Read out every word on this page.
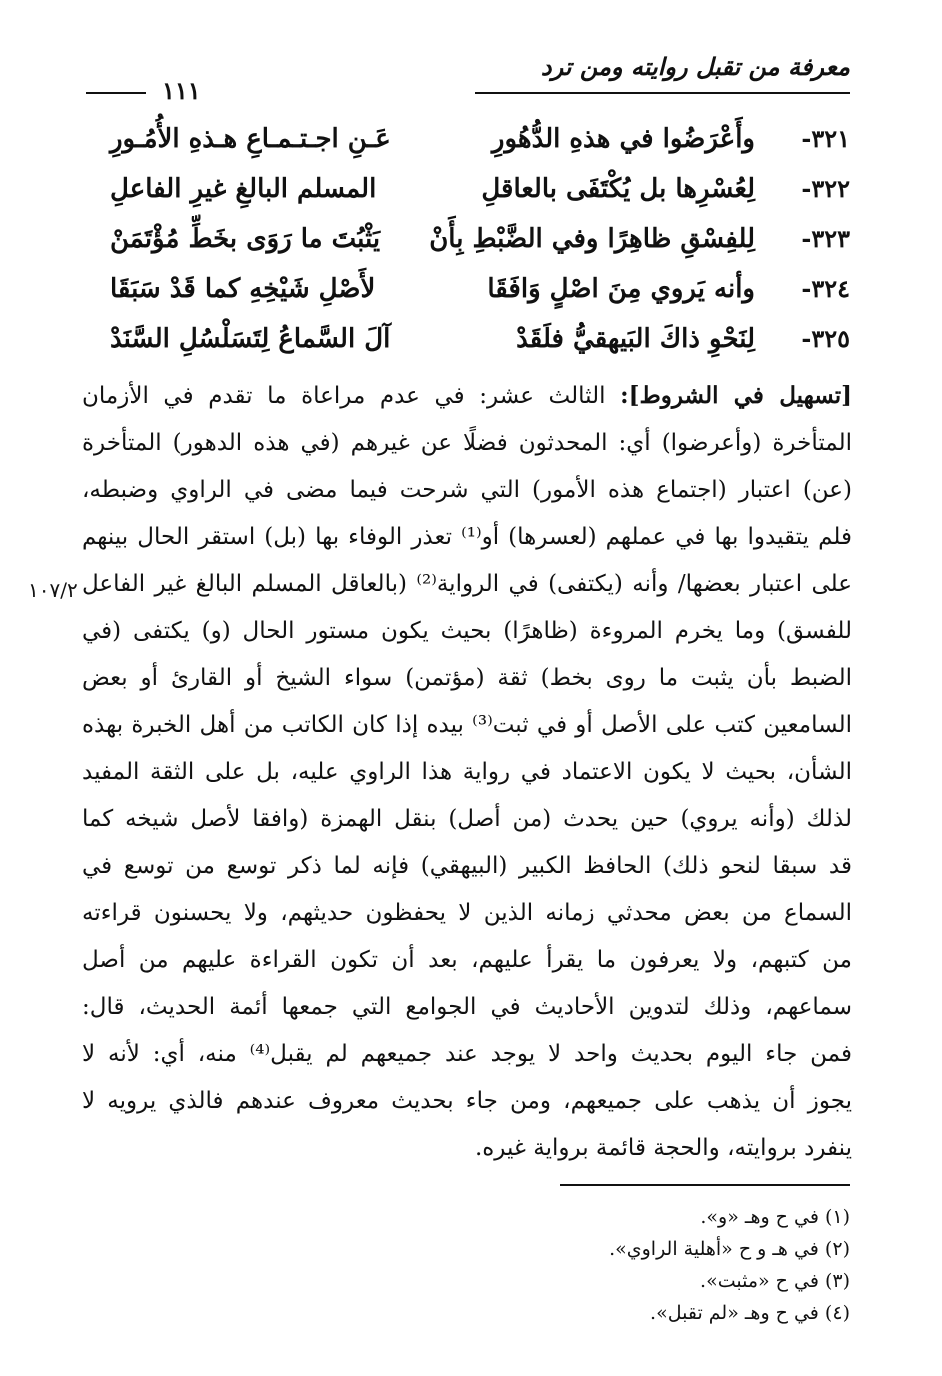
معرفة من تقبل روايته ومن ترد
١١١
٣٢١-
وأَعْرَضُوا في هذهِ الدُّهُورِ
عَـنِ اجـتـمـاعِ هـذهِ الأُمُـورِ
٣٢٢-
لِعُسْرِها بل يُكْتَفَى بالعاقلِ
المسلم البالغِ غيرِ الفاعلِ
٣٢٣-
لِلفِسْقِ ظاهِرًا وفي الضَّبْطِ بِأَنْ
يَثْبُتَ ما رَوَى بخَطِّ مُؤْتَمَنْ
٣٢٤-
وأنه يَروي مِنَ اصْلٍ وَافَقَا
لأَصْلِ شَيْخِهِ كما قَدْ سَبَقَا
٣٢٥-
لِنَحْوِ ذاكَ البَيهقيُّ فلَقَدْ
آلَ السَّماعُ لِتَسَلْسُلِ السَّنَدْ
[تسهيل في الشروط]: الثالث عشر: في عدم مراعاة ما تقدم في الأزمان
المتأخرة (وأعرضوا) أي: المحدثون فضلًا عن غيرهم (في هذه الدهور) المتأخرة
(عن) اعتبار (اجتماع هذه الأمور) التي شرحت فيما مضى في الراوي وضبطه،
فلم يتقيدوا بها في عملهم (لعسرها) أو⁽¹⁾ تعذر الوفاء بها (بل) استقر الحال بينهم
على اعتبار بعضها/ وأنه (يكتفى) في الرواية⁽²⁾ (بالعاقل المسلم البالغ غير الفاعل
للفسق) وما يخرم المروءة (ظاهرًا) بحيث يكون مستور الحال (و) يكتفى (في
الضبط بأن يثبت ما روى بخط) ثقة (مؤتمن) سواء الشيخ أو القارئ أو بعض
السامعين كتب على الأصل أو في ثبت⁽³⁾ بيده إذا كان الكاتب من أهل الخبرة بهذه
الشأن، بحيث لا يكون الاعتماد في رواية هذا الراوي عليه، بل على الثقة المفيد
لذلك (وأنه يروي) حين يحدث (من أصل) بنقل الهمزة (وافقا لأصل شيخه كما
قد سبقا لنحو ذلك) الحافظ الكبير (البيهقي) فإنه لما ذكر توسع من توسع في
السماع من بعض محدثي زمانه الذين لا يحفظون حديثهم، ولا يحسنون قراءته
من كتبهم، ولا يعرفون ما يقرأ عليهم، بعد أن تكون القراءة عليهم من أصل
سماعهم، وذلك لتدوين الأحاديث في الجوامع التي جمعها أئمة الحديث، قال:
فمن جاء اليوم بحديث واحد لا يوجد عند جميعهم لم يقبل⁽⁴⁾ منه، أي: لأنه لا
يجوز أن يذهب على جميعهم، ومن جاء بحديث معروف عندهم فالذي يرويه لا
ينفرد بروايته، والحجة قائمة برواية غيره.
١٠٧/٢
(١) في ح وهـ «و».
(٢) في هـ و ح «أهلية الراوي».
(٣) في ح «مثبت».
(٤) في ح وهـ «لم تقبل».
